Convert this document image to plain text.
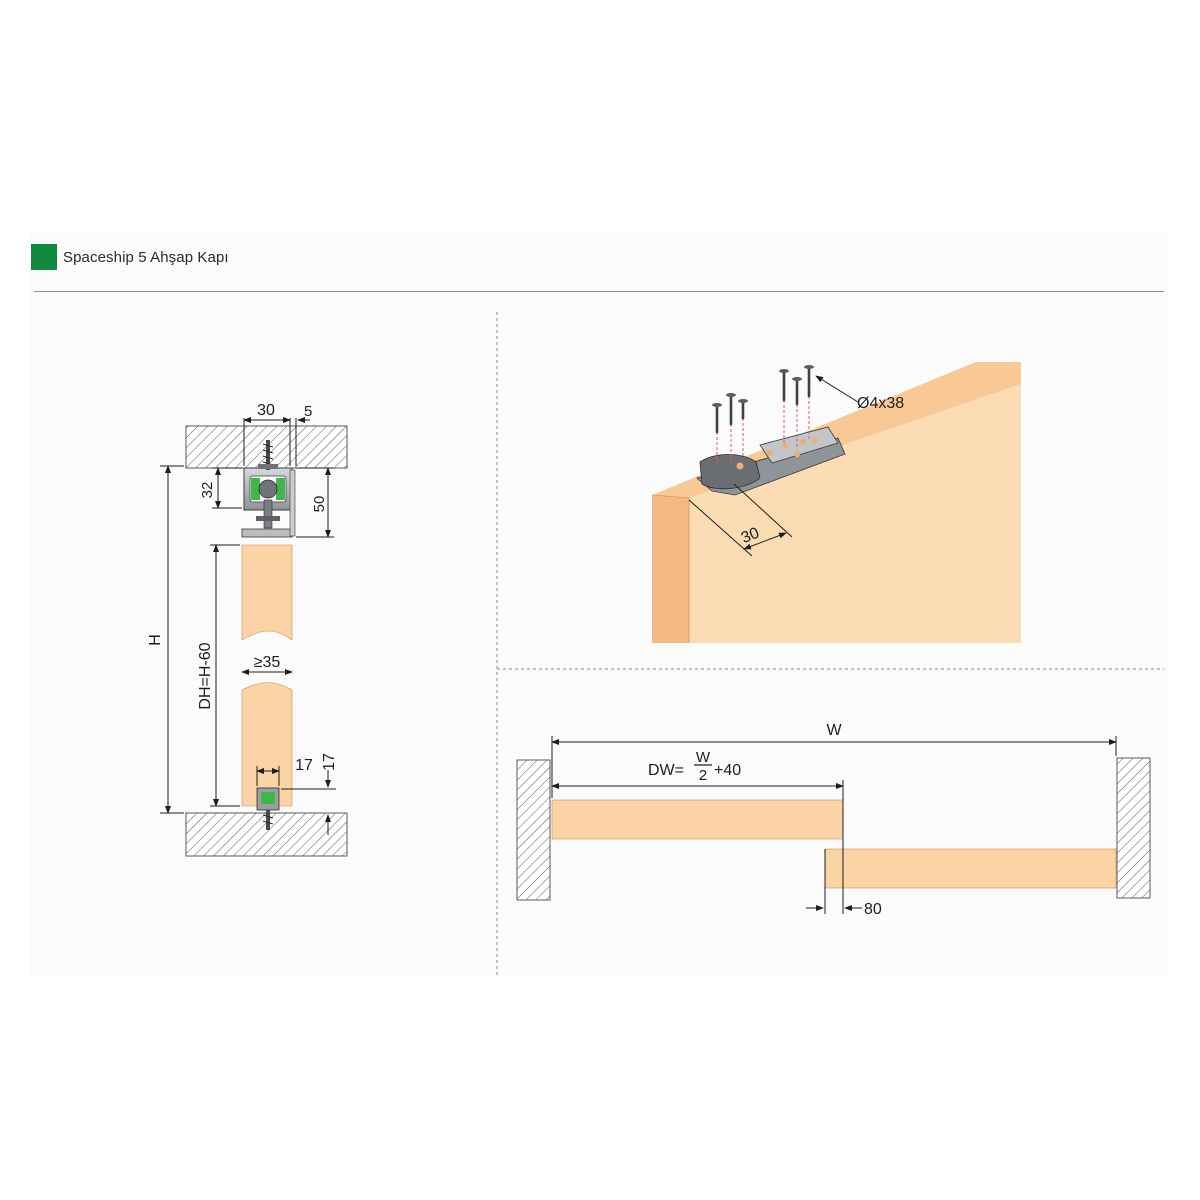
Spaceship 5 Ahşap Kapı
30 5
32
50
H
DH=H-60 ≥35
17 17
Ø4x38
30
W
DW=
W
2 +40
80
